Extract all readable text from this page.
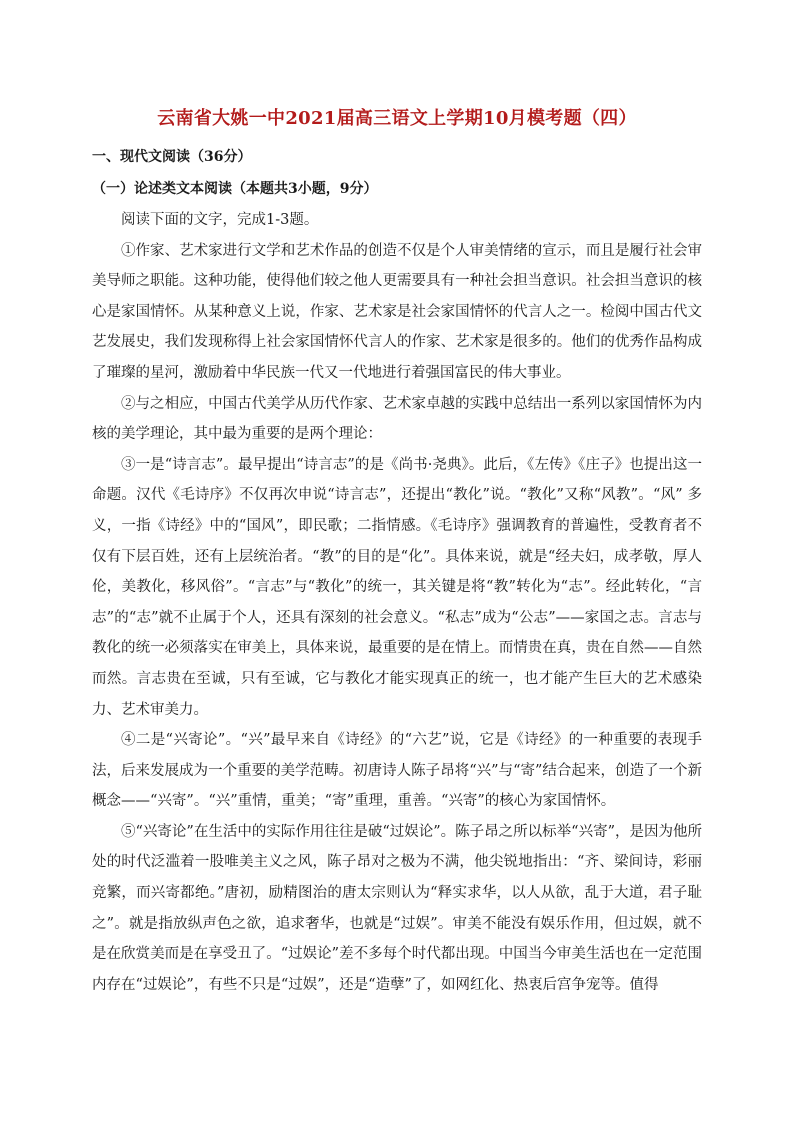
云南省大姚一中2021届高三语文上学期10月模考题（四）
一、现代文阅读（36分）
（一）论述类文本阅读（本题共3小题，9分）

阅读下面的文字，完成1-3题。

①作家、艺术家进行文学和艺术作品的创造不仅是个人审美情绪的宣示，而且是履行社会审美导师之职能。这种功能，使得他们较之他人更需要具有一种社会担当意识。社会担当意识的核心是家国情怀。从某种意义上说，作家、艺术家是社会家国情怀的代言人之一。检阅中国古代文艺发展史，我们发现称得上社会家国情怀代言人的作家、艺术家是很多的。他们的优秀作品构成了璀璨的星河，激励着中华民族一代又一代地进行着强国富民的伟大事业。

②与之相应，中国古代美学从历代作家、艺术家卓越的实践中总结出一系列以家国情怀为内核的美学理论，其中最为重要的是两个理论：

③一是“诗言志”。最早提出“诗言志”的是《尚书·尧典》。此后，《左传》《庄子》也提出这一命题。汉代《毛诗序》不仅再次申说“诗言志”，还提出“教化”说。“教化”又称“风教”。“风” 多义，一指《诗经》中的“国风”，即民歌；二指情感。《毛诗序》强调教育的普遍性，受教育者不仅有下层百姓，还有上层统治者。“教”的目的是“化”。具体来说，就是“经夫妇，成孝敬，厚人伦，美教化，移风俗”。“言志”与“教化”的统一，其关键是将“教”转化为“志”。经此转化，“言志”的“志”就不止属于个人，还具有深刻的社会意义。“私志”成为“公志”——家国之志。言志与教化的统一必须落实在审美上，具体来说，最重要的是在情上。而情贵在真，贵在自然——自然而然。言志贵在至诚，只有至诚，它与教化才能实现真正的统一，也才能产生巨大的艺术感染力、艺术审美力。

④二是“兴寄论”。“兴”最早来自《诗经》的“六艺”说，它是《诗经》的一种重要的表现手法，后来发展成为一个重要的美学范畴。初唐诗人陈子昂将“兴”与“寄”结合起来，创造了一个新概念——“兴寄”。“兴”重情，重美；“寄”重理，重善。“兴寄”的核心为家国情怀。

⑤“兴寄论”在生活中的实际作用往往是破“过娱论”。陈子昂之所以标举“兴寄”，是因为他所处的时代泛滥着一股唯美主义之风，陈子昂对之极为不满，他尖锐地指出：“齐、梁间诗，彩丽竞繁，而兴寄都绝。”唐初，励精图治的唐太宗则认为“释实求华，以人从欲，乱于大道，君子耻之”。就是指放纵声色之欲，追求奢华，也就是“过娱”。审美不能没有娱乐作用，但过娱，就不是在欣赏美而是在享受丑了。“过娱论”差不多每个时代都出现。中国当今审美生活也在一定范围内存在“过娱论”，有些不只是“过娱”，还是“造孽”了，如网红化、热衷后宫争宠等。值得
